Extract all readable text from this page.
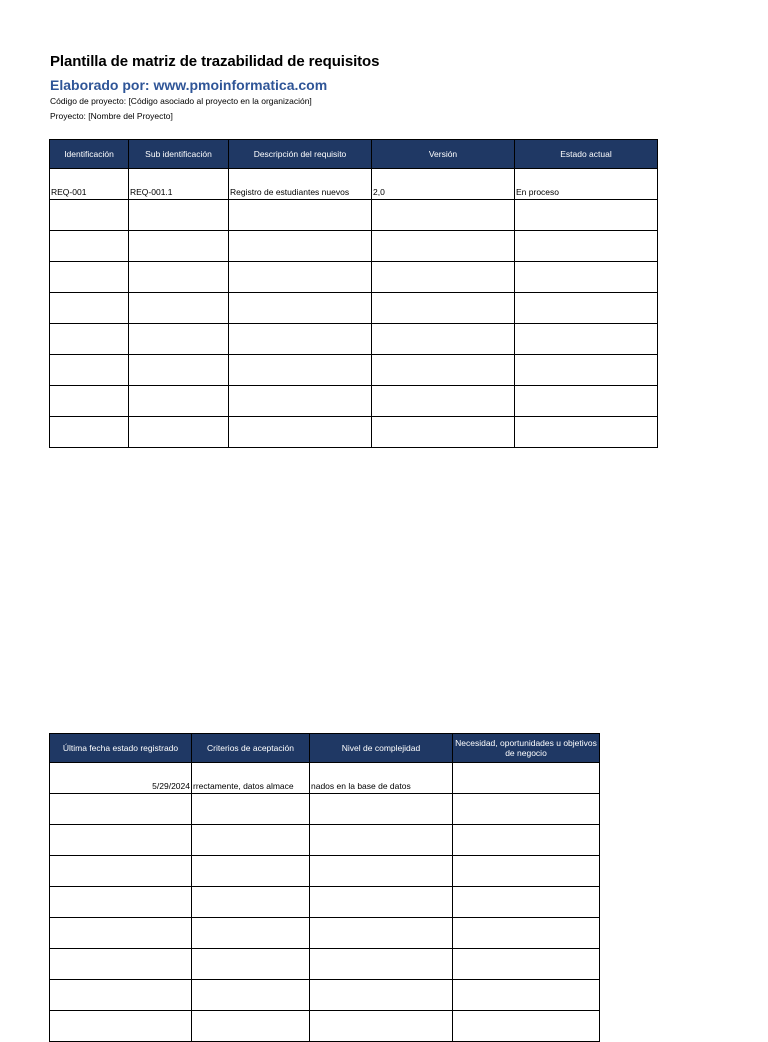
Plantilla de matriz de trazabilidad de requisitos
Elaborado por: www.pmoinformatica.com
Código de proyecto: [Código asociado al proyecto en la organización]
Proyecto: [Nombre del Proyecto]
Identificación	Sub identificación	Descripción del requisito	Versión	Estado actual
REQ-001	REQ-001.1	Registro de estudiantes nuevos	2,0	En proceso

Última fecha estado registrado	Criterios de aceptación	Nivel de complejidad	Necesidad, oportunidades u objetivos de negocio
5/29/2024	rrectamente, datos almace	nados en la base de datos	
